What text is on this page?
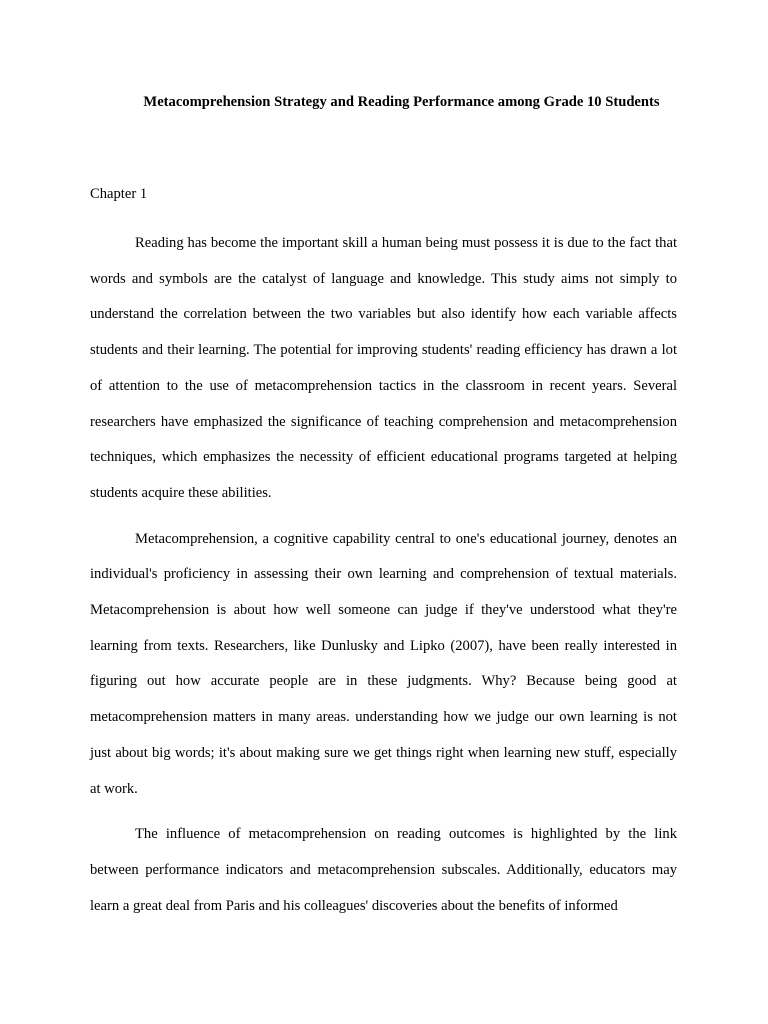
Metacomprehension Strategy and Reading Performance among Grade 10 Students
Chapter 1

Reading has become the important skill a human being must possess it is due to the fact that words and symbols are the catalyst of language and knowledge. This study aims not simply to understand the correlation between the two variables but also identify how each variable affects students and their learning. The potential for improving students' reading efficiency has drawn a lot of attention to the use of metacomprehension tactics in the classroom in recent years. Several researchers have emphasized the significance of teaching comprehension and metacomprehension techniques, which emphasizes the necessity of efficient educational programs targeted at helping students acquire these abilities.

Metacomprehension, a cognitive capability central to one's educational journey, denotes an individual's proficiency in assessing their own learning and comprehension of textual materials. Metacomprehension is about how well someone can judge if they've understood what they're learning from texts. Researchers, like Dunlusky and Lipko (2007), have been really interested in figuring out how accurate people are in these judgments. Why? Because being good at metacomprehension matters in many areas. understanding how we judge our own learning is not just about big words; it's about making sure we get things right when learning new stuff, especially at work.

The influence of metacomprehension on reading outcomes is highlighted by the link between performance indicators and metacomprehension subscales. Additionally, educators may learn a great deal from Paris and his colleagues' discoveries about the benefits of informed
